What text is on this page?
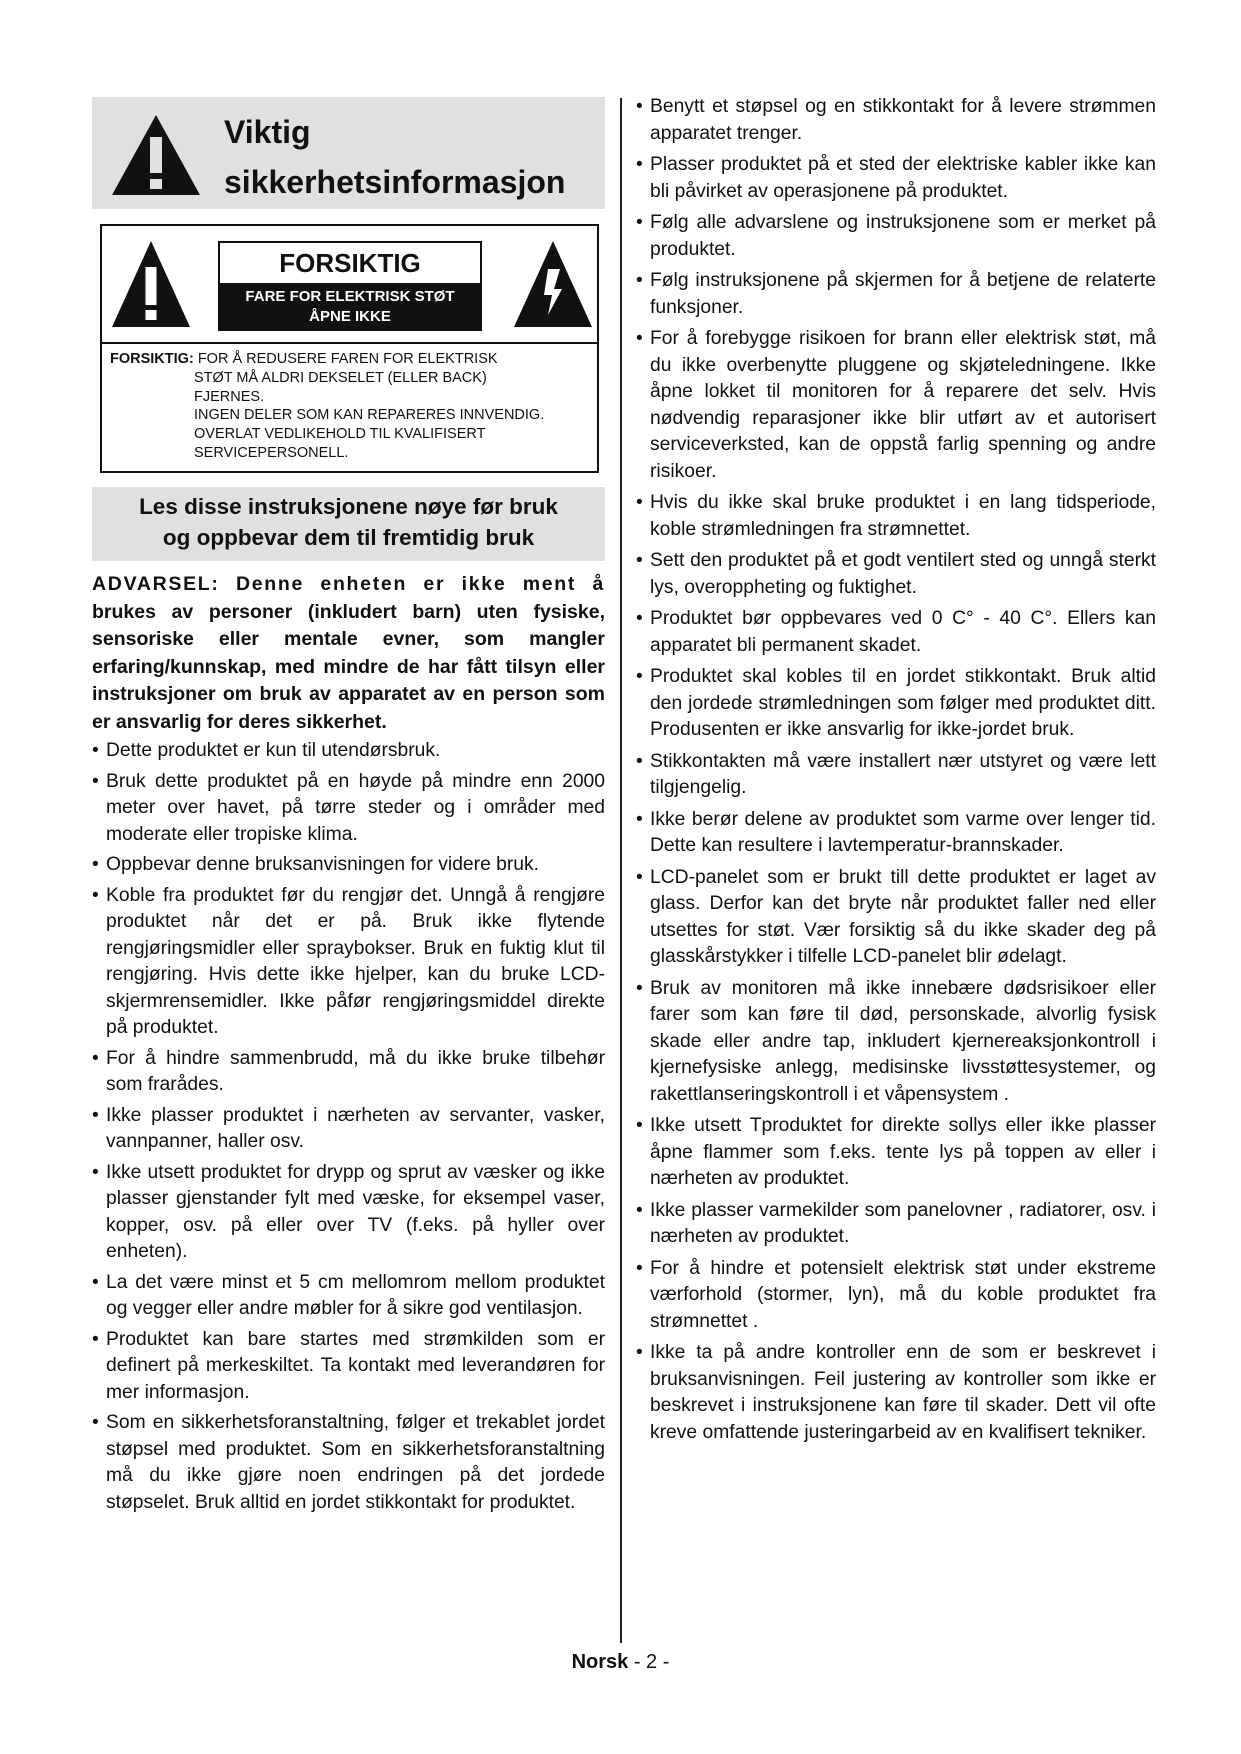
Viktig
sikkerhetsinformasjon
FORSIKTIG
FARE FOR ELEKTRISK STØT
ÅPNE IKKE
FORSIKTIG: FOR Å REDUSERE FAREN FOR ELEKTRISK
STØT MÅ ALDRI DEKSELET (ELLER BACK)
FJERNES.
INGEN DELER SOM KAN REPARERES INNVENDIG.
OVERLAT VEDLIKEHOLD TIL KVALIFISERT
SERVICEPERSONELL.
Les disse instruksjonene nøye før bruk
og oppbevar dem til fremtidig bruk
ADVARSEL: Denne enheten er ikke ment å brukes av personer (inkludert barn) uten fysiske, sensoriske eller mentale evner, som mangler erfaring/kunnskap, med mindre de har fått tilsyn eller instruksjoner om bruk av apparatet av en person som er ansvarlig for deres sikkerhet.
• Dette produktet er kun til utendørsbruk.
• Bruk dette produktet på en høyde på mindre enn 2000 meter over havet, på tørre steder og i områder med moderate eller tropiske klima.
• Oppbevar denne bruksanvisningen for videre bruk.
• Koble fra produktet før du rengjør det. Unngå å rengjøre produktet når det er på. Bruk ikke flytende rengjøringsmidler eller spraybokser. Bruk en fuktig klut til rengjøring. Hvis dette ikke hjelper, kan du bruke LCD-skjermrensemidler. Ikke påfør rengjøringsmiddel direkte på produktet.
• For å hindre sammenbrudd, må du ikke bruke tilbehør som frarådes.
• Ikke plasser produktet i nærheten av servanter, vasker, vannpanner, haller osv.
• Ikke utsett produktet for drypp og sprut av væsker og ikke plasser gjenstander fylt med væske, for eksempel vaser, kopper, osv. på eller over TV (f.eks. på hyller over enheten).
• La det være minst et 5 cm mellomrom mellom produktet og vegger eller andre møbler for å sikre god ventilasjon.
• Produktet kan bare startes med strømkilden som er definert på merkeskiltet. Ta kontakt med leverandøren for mer informasjon.
• Som en sikkerhetsforanstaltning, følger et trekablet jordet støpsel med produktet. Som en sikkerhetsforanstaltning må du ikke gjøre noen endringen på det jordede støpselet. Bruk alltid en jordet stikkontakt for produktet.
• Benytt et støpsel og en stikkontakt for å levere strømmen apparatet trenger.
• Plasser produktet på et sted der elektriske kabler ikke kan bli påvirket av operasjonene på produktet.
• Følg alle advarslene og instruksjonene som er merket på produktet.
• Følg instruksjonene på skjermen for å betjene de relaterte funksjoner.
• For å forebygge risikoen for brann eller elektrisk støt, må du ikke overbenytte pluggene og skjøteledningene. Ikke åpne lokket til monitoren for å reparere det selv. Hvis nødvendig reparasjoner ikke blir utført av et autorisert serviceverksted, kan de oppstå farlig spenning og andre risikoer.
• Hvis du ikke skal bruke produktet i en lang tidsperiode, koble strømledningen fra strømnettet.
• Sett den produktet på et godt ventilert sted og unngå sterkt lys, overoppheting og fuktighet.
• Produktet bør oppbevares ved 0 C° - 40 C°. Ellers kan apparatet bli permanent skadet.
• Produktet skal kobles til en jordet stikkontakt. Bruk altid den jordede strømledningen som følger med produktet ditt. Produsenten er ikke ansvarlig for ikke-jordet bruk.
• Stikkontakten må være installert nær utstyret og være lett tilgjengelig.
• Ikke berør delene av produktet som varme over lenger tid. Dette kan resultere i lavtemperatur-brannskader.
• LCD-panelet som er brukt till dette produktet er laget av glass. Derfor kan det bryte når produktet faller ned eller utsettes for støt. Vær forsiktig så du ikke skader deg på glasskårstykker i tilfelle LCD-panelet blir ødelagt.
• Bruk av monitoren må ikke innebære dødsrisikoer eller farer som kan føre til død, personskade, alvorlig fysisk skade eller andre tap, inkludert kjernereaksjonkontroll i kjernefysiske anlegg, medisinske livsstøttesystemer, og rakettlanseringskontroll i et våpensystem .
• Ikke utsett Tproduktet for direkte sollys eller ikke plasser åpne flammer som f.eks. tente lys på toppen av eller i nærheten av produktet.
• Ikke plasser varmekilder som panelovner , radiatorer, osv. i nærheten av produktet.
• For å hindre et potensielt elektrisk støt under ekstreme værforhold (stormer, lyn), må du koble produktet fra strømnettet .
• Ikke ta på andre kontroller enn de som er beskrevet i bruksanvisningen. Feil justering av kontroller som ikke er beskrevet i instruksjonene kan føre til skader. Dett vil ofte kreve omfattende justeringarbeid av en kvalifisert tekniker.
Norsk - 2 -
